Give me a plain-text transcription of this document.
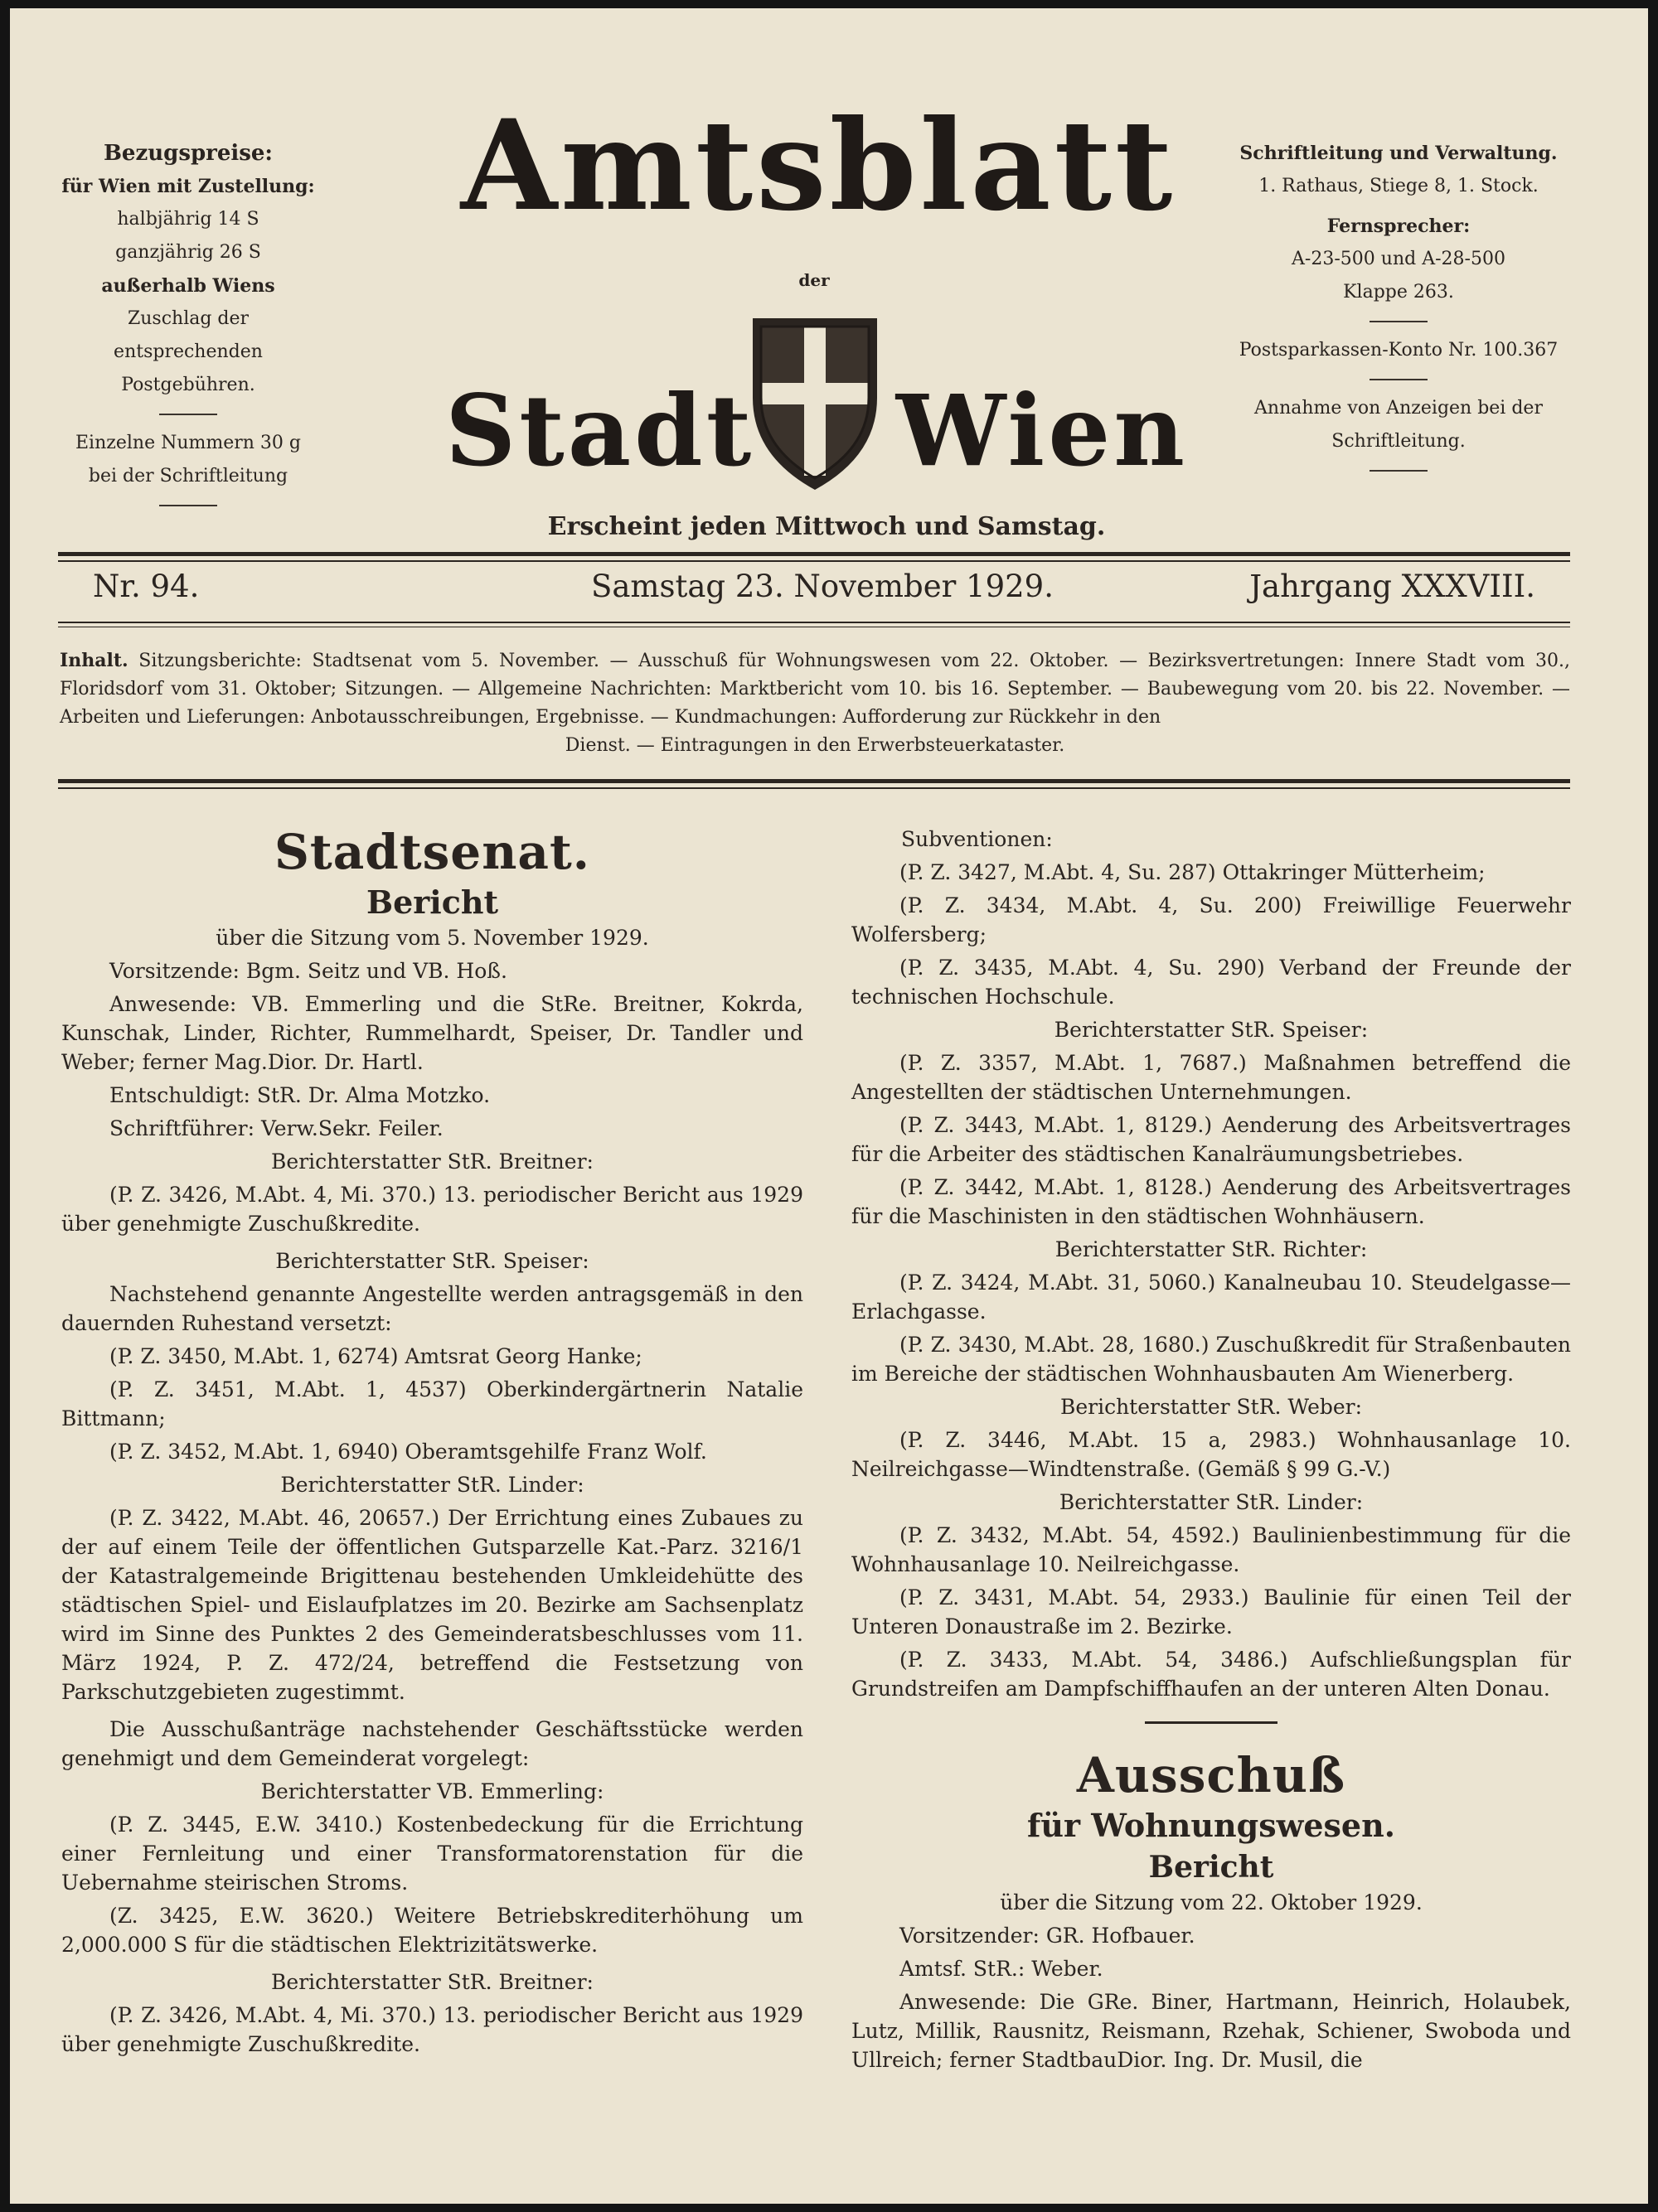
Bezugspreise:
für Wien mit Zustellung:
halbjährig 14 S
ganzjährig 26 S
außerhalb Wiens
Zuschlag der entsprechenden
Postgebühren.
Einzelne Nummern 30 g
bei der Schriftleitung
Amtsblatt
der
Stadt Wien
Erscheint jeden Mittwoch und Samstag.
Schriftleitung und Verwaltung.
1. Rathaus, Stiege 8, 1. Stock.
Fernsprecher:
A-23-500 und A-28-500
Klappe 263.
Postsparkassen-Konto Nr. 100.367
Annahme von Anzeigen bei der
Schriftleitung.
Nr. 94.	Samstag 23. November 1929.	Jahrgang XXXVIII.
Inhalt. Sitzungsberichte: Stadtsenat vom 5. November. — Ausschuß für Wohnungswesen vom 22. Oktober. — Bezirksvertretungen: Innere Stadt vom 30., Floridsdorf vom 31. Oktober; Sitzungen. — Allgemeine Nachrichten: Marktbericht vom 10. bis 16. September. — Baubewegung vom 20. bis 22. November. — Arbeiten und Lieferungen: Anbotausschreibungen, Ergebnisse. — Kundmachungen: Aufforderung zur Rückkehr in den
Dienst. — Eintragungen in den Erwerbsteuerkataster.
Stadtsenat.
Bericht

über die Sitzung vom 5. November 1929.

Vorsitzende: Bgm. Seitz und VB. Hoß.

Anwesende: VB. Emmerling und die StRe. Breitner, Kokrda, Kunschak, Linder, Richter, Rummelhardt, Speiser, Dr. Tandler und Weber; ferner Mag.Dior. Dr. Hartl.

Entschuldigt: StR. Dr. Alma Motzko.

Schriftführer: Verw.Sekr. Feiler.

Berichterstatter StR. Breitner:

(P. Z. 3426, M.Abt. 4, Mi. 370.) 13. periodischer Bericht aus 1929 über genehmigte Zuschußkredite.

Berichterstatter StR. Speiser:

Nachstehend genannte Angestellte werden antragsgemäß in den dauernden Ruhestand versetzt:

(P. Z. 3450, M.Abt. 1, 6274) Amtsrat Georg Hanke;

(P. Z. 3451, M.Abt. 1, 4537) Oberkindergärtnerin Natalie Bittmann;

(P. Z. 3452, M.Abt. 1, 6940) Oberamtsgehilfe Franz Wolf.

Berichterstatter StR. Linder:

(P. Z. 3422, M.Abt. 46, 20657.) Der Errichtung eines Zubaues zu der auf einem Teile der öffentlichen Gutsparzelle Kat.-Parz. 3216/1 der Katastralgemeinde Brigittenau bestehenden Umkleidehütte des städtischen Spiel- und Eislaufplatzes im 20. Bezirke am Sachsenplatz wird im Sinne des Punktes 2 des Gemeinderatsbeschlusses vom 11. März 1924, P. Z. 472/24, betreffend die Festsetzung von Parkschutzgebieten zugestimmt.

Die Ausschußanträge nachstehender Geschäftsstücke werden genehmigt und dem Gemeinderat vorgelegt:

Berichterstatter VB. Emmerling:

(P. Z. 3445, E.W. 3410.) Kostenbedeckung für die Errichtung einer Fernleitung und einer Transformatorenstation für die Uebernahme steirischen Stroms.

(Z. 3425, E.W. 3620.) Weitere Betriebskrediterhöhung um 2,000.000 S für die städtischen Elektrizitätswerke.

Berichterstatter StR. Breitner:

(P. Z. 3426, M.Abt. 4, Mi. 370.) 13. periodischer Bericht aus 1929 über genehmigte Zuschußkredite.

Subventionen:

(P. Z. 3427, M.Abt. 4, Su. 287) Ottakringer Mütterheim;

(P. Z. 3434, M.Abt. 4, Su. 200) Freiwillige Feuerwehr Wolfersberg;

(P. Z. 3435, M.Abt. 4, Su. 290) Verband der Freunde der technischen Hochschule.

Berichterstatter StR. Speiser:

(P. Z. 3357, M.Abt. 1, 7687.) Maßnahmen betreffend die Angestellten der städtischen Unternehmungen.

(P. Z. 3443, M.Abt. 1, 8129.) Aenderung des Arbeitsvertrages für die Arbeiter des städtischen Kanalräumungsbetriebes.

(P. Z. 3442, M.Abt. 1, 8128.) Aenderung des Arbeitsvertrages für die Maschinisten in den städtischen Wohnhäusern.

Berichterstatter StR. Richter:

(P. Z. 3424, M.Abt. 31, 5060.) Kanalneubau 10. Steudelgasse—Erlachgasse.

(P. Z. 3430, M.Abt. 28, 1680.) Zuschußkredit für Straßenbauten im Bereiche der städtischen Wohnhausbauten Am Wienerberg.

Berichterstatter StR. Weber:

(P. Z. 3446, M.Abt. 15 a, 2983.) Wohnhausanlage 10. Neilreichgasse—Windtenstraße. (Gemäß § 99 G.-V.)

Berichterstatter StR. Linder:

(P. Z. 3432, M.Abt. 54, 4592.) Baulinienbestimmung für die Wohnhausanlage 10. Neilreichgasse.

(P. Z. 3431, M.Abt. 54, 2933.) Baulinie für einen Teil der Unteren Donaustraße im 2. Bezirke.

(P. Z. 3433, M.Abt. 54, 3486.) Aufschließungsplan für Grundstreifen am Dampfschiffhaufen an der unteren Alten Donau.

Ausschuß
für Wohnungswesen.
Bericht

über die Sitzung vom 22. Oktober 1929.

Vorsitzender: GR. Hofbauer.

Amtsf. StR.: Weber.

Anwesende: Die GRe. Biner, Hartmann, Heinrich, Holaubek, Lutz, Millik, Rausnitz, Reismann, Rzehak, Schiener, Swoboda und Ullreich; ferner StadtbauDior. Ing. Dr. Musil, die
